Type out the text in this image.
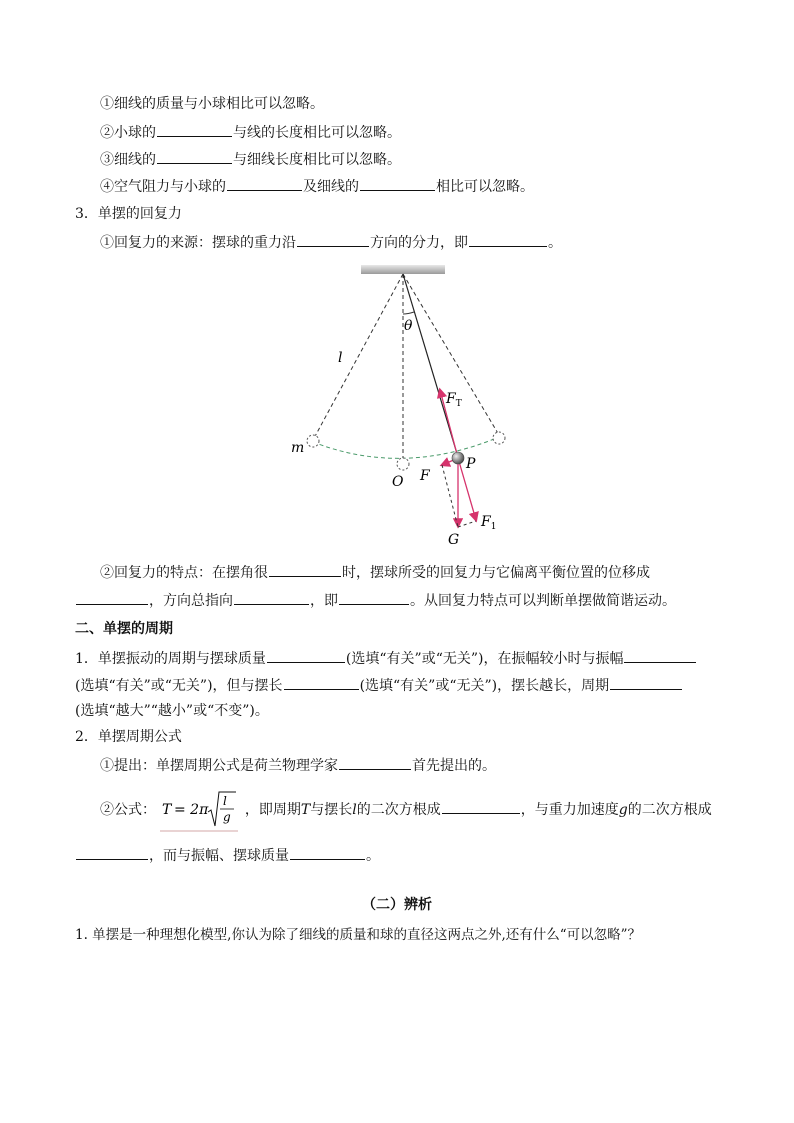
①细线的质量与小球相比可以忽略。
②小球的	与线的长度相比可以忽略。
③细线的	与细线长度相比可以忽略。
④空气阻力与小球的	及细线的	相比可以忽略。
3．单摆的回复力
①回复力的来源：摆球的重力沿	方向的分力，即	。
θ
l
m
O
P
F
$F_T$
$F_1$
G
②回复力的特点：在摆角很	时，摆球所受的回复力与它偏离平衡位置的位移成
，方向总指向	，即	。从回复力特点可以判断单摆做简谐运动。
二、单摆的周期
1．单摆振动的周期与摆球质量	(选填“有关”或“无关”)，在振幅较小时与振幅
(选填“有关”或“无关”)，但与摆长	(选填“有关”或“无关”)，摆长越长，周期
(选填“越大”“越小”或“不变”)。
2．单摆周期公式
①提出：单摆周期公式是荷兰物理学家	首先提出的。
②公式： T = 2π
l
g ，即周期T与摆长l的二次方根成	，与重力加速度g的二次方根成
，而与振幅、摆球质量	。
（二）辨析
1. 单摆是一种理想化模型,你认为除了细线的质量和球的直径这两点之外,还有什么“可以忽略”？
